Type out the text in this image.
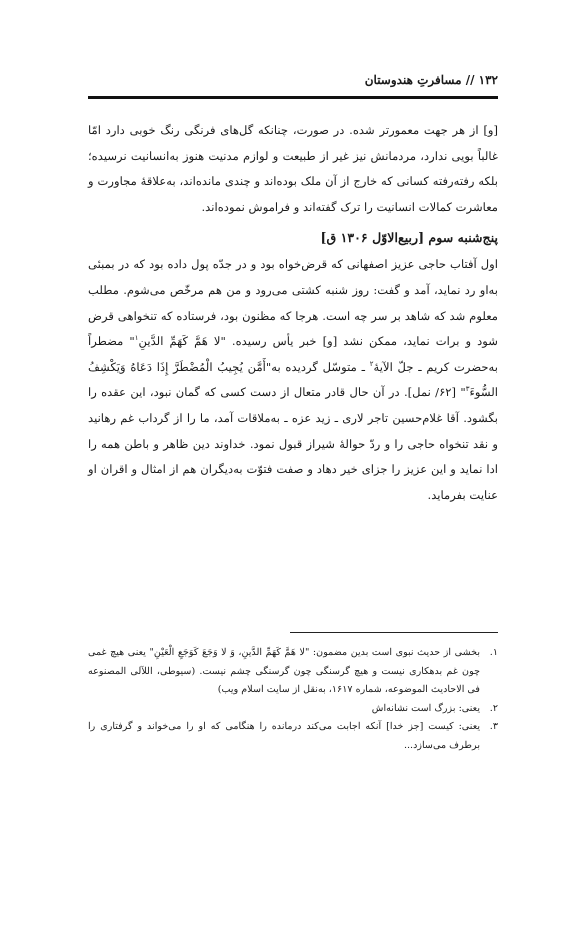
۱۳۲ // مسافرتِ هندوستان

[و] از هر جهت معمورتر شده. در صورت، چنانکه گل‌های فرنگی رنگ خوبی دارد امّا غالباً بویی ندارد، مردمانش نیز غیر از طبیعت و لوازم مدنیت هنوز به‌انسانیت نرسیده؛ بلکه رفته‌رفته کسانی که خارج از آن ملک بوده‌اند و چندی مانده‌اند، به‌علاقهٔ مجاورت و معاشرت کمالات انسانیت را ترک گفته‌اند و فراموش نموده‌اند.

پنج‌شنبه سوم [ربیع‌الاوّل ۱۳۰۶ ق]

اول آفتاب حاجی عزیز اصفهانی که قرض‌خواه بود و در جدّه پول داده بود که در بمبئی به‌او رد نماید، آمد و گفت: روز شنبه کشتی می‌رود و من هم مرخّص می‌شوم. مطلب معلوم شد که شاهد بر سر چه است. هرجا که مظنون بود، فرستاده که تنخواهی قرض شود و برات نماید، ممکن نشد [و] خبر یأس رسیده. "لا هَمَّ کَهَمِّ الدَّینِ$^۱$" مضطراً به‌حضرت کریم ـ جلّ الآیهٔ$^۲$ ـ متوسّل گردیده به"أَمَّن یُجِیبُ الْمُضْطَرَّ إِذَا دَعَاهُ وَیَکْشِفُ السُّوءَ$^۳$" [۶۲/ نمل]. در آن حال قادر متعال از دست کسی که گمان نبود، این عقده را بگشود. آقا غلام‌حسین تاجر لاری ـ زید عزه ـ به‌ملاقات آمد، ما را از گرداب غم رهانید و نقد تنخواه حاجی را و ردّ حوالهٔ شیراز قبول نمود. خداوند دین ظاهر و باطن همه را ادا نماید و این عزیز را جزای خیر دهاد و صفت فتوّت به‌دیگران هم از امثال و اقران او عنایت بفرماید.

۱.
بخشی از حدیث نبوی است بدین مضمون: "لا هَمَّ کَهَمِّ الدَّینِ، وَ لا وَجَعَ کَوَجَعِ الْعَیْنِ" یعنی هیچ غمی چون غم بدهکاری نیست و هیچ گرسنگی چون گرسنگی چشم نیست. (سیوطی، اللآلی المصنوعه فی الاحادیث الموضوعه، شماره ۱۶۱۷، به‌نقل از سایت اسلام ویب)
۲.
یعنی: بزرگ است نشانه‌اش
۳.
یعنی: کیست [جز خدا] آنکه اجابت می‌کند درمانده را هنگامی که او را می‌خواند و گرفتاری را برطرف می‌سازد...
